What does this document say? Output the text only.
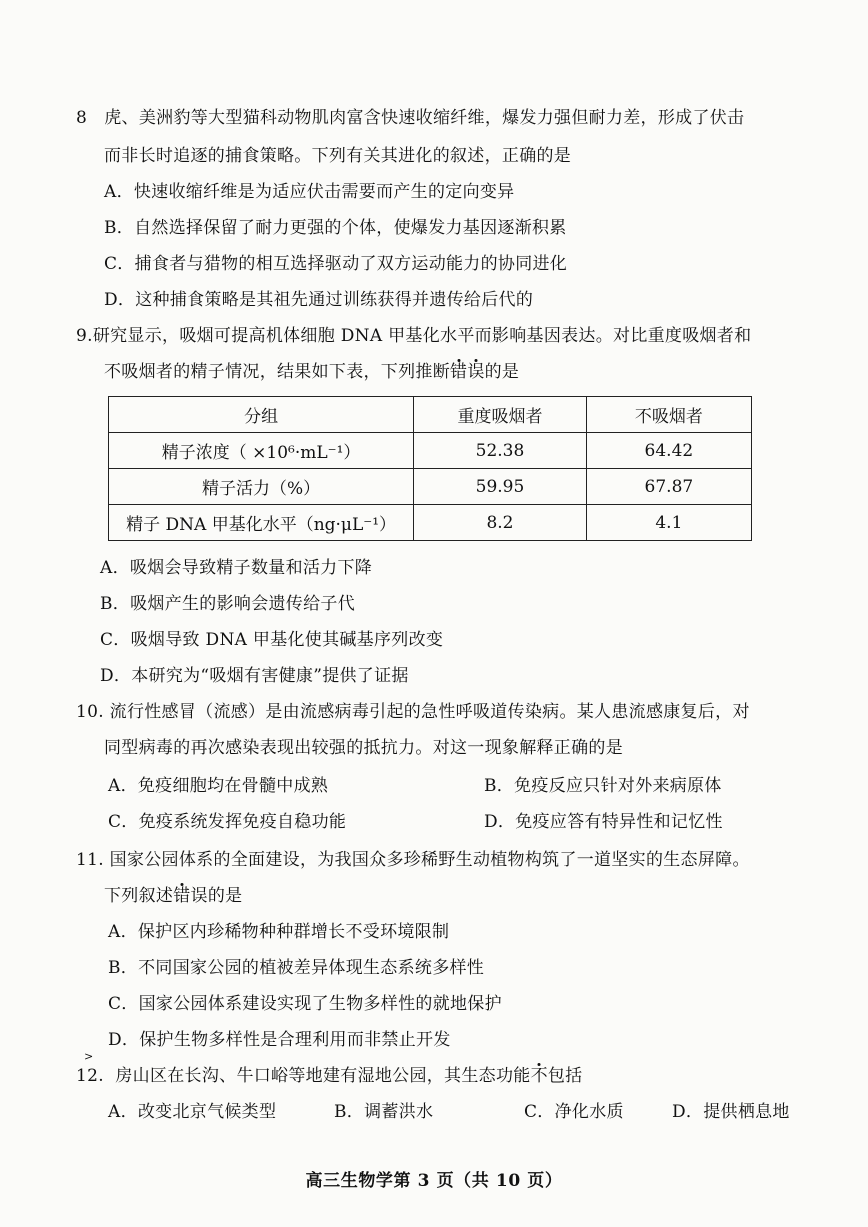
8 虎、美洲豹等大型猫科动物肌肉富含快速收缩纤维，爆发力强但耐力差，形成了伏击
而非长时追逐的捕食策略。下列有关其进化的叙述，正确的是
A．快速收缩纤维是为适应伏击需要而产生的定向变异
B．自然选择保留了耐力更强的个体，使爆发力基因逐渐积累
C．捕食者与猎物的相互选择驱动了双方运动能力的协同进化
D．这种捕食策略是其祖先通过训练获得并遗传给后代的
9.研究显示，吸烟可提高机体细胞 DNA 甲基化水平而影响基因表达。对比重度吸烟者和
不吸烟者的精子情况，结果如下表，下列推断错误的是
分组	重度吸烟者	不吸烟者
精子浓度（ ×10⁶·mL⁻¹）	52.38	64.42
精子活力（%）	59.95	67.87
精子 DNA 甲基化水平（ng·μL⁻¹）	8.2	4.1
A．吸烟会导致精子数量和活力下降
B．吸烟产生的影响会遗传给子代
C．吸烟导致 DNA 甲基化使其碱基序列改变
D．本研究为“吸烟有害健康”提供了证据
10. 流行性感冒（流感）是由流感病毒引起的急性呼吸道传染病。某人患流感康复后，对
同型病毒的再次感染表现出较强的抵抗力。对这一现象解释正确的是
A．免疫细胞均在骨髓中成熟	B．免疫反应只针对外来病原体
C．免疫系统发挥免疫自稳功能	D．免疫应答有特异性和记忆性
11. 国家公园体系的全面建设，为我国众多珍稀野生动植物构筑了一道坚实的生态屏障。
下列叙述错误的是
A．保护区内珍稀物种种群增长不受环境限制
B．不同国家公园的植被差异体现生态系统多样性
C．国家公园体系建设实现了生物多样性的就地保护
D．保护生物多样性是合理利用而非禁止开发
>
12. 房山区在长沟、牛口峪等地建有湿地公园，其生态功能不包括
A．改变北京气候类型	B．调蓄洪水	C．净化水质	D．提供栖息地
高三生物学第 3 页（共 10 页）
